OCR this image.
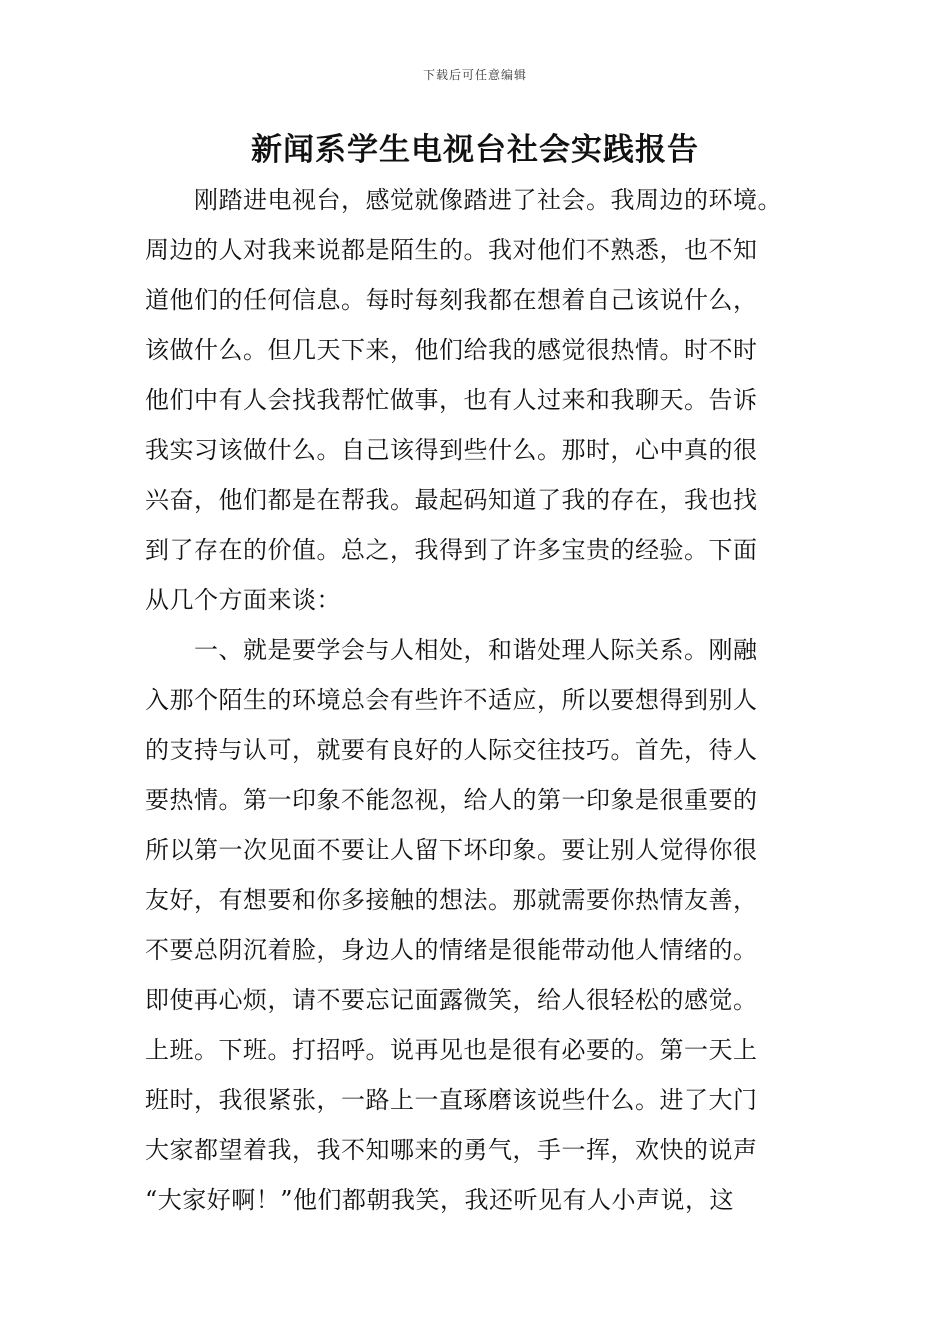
下载后可任意编辑
新闻系学生电视台社会实践报告
　　刚踏进电视台，感觉就像踏进了社会。我周边的环境。
周边的人对我来说都是陌生的。我对他们不熟悉，也不知
道他们的任何信息。每时每刻我都在想着自己该说什么，
该做什么。但几天下来，他们给我的感觉很热情。时不时
他们中有人会找我帮忙做事，也有人过来和我聊天。告诉
我实习该做什么。自己该得到些什么。那时，心中真的很
兴奋，他们都是在帮我。最起码知道了我的存在，我也找
到了存在的价值。总之，我得到了许多宝贵的经验。下面
从几个方面来谈：
　　一、就是要学会与人相处，和谐处理人际关系。刚融
入那个陌生的环境总会有些许不适应，所以要想得到别人
的支持与认可，就要有良好的人际交往技巧。首先，待人
要热情。第一印象不能忽视，给人的第一印象是很重要的
所以第一次见面不要让人留下坏印象。要让别人觉得你很
友好，有想要和你多接触的想法。那就需要你热情友善，
不要总阴沉着脸，身边人的情绪是很能带动他人情绪的。
即使再心烦，请不要忘记面露微笑，给人很轻松的感觉。
上班。下班。打招呼。说再见也是很有必要的。第一天上
班时，我很紧张，一路上一直琢磨该说些什么。进了大门
大家都望着我，我不知哪来的勇气，手一挥，欢快的说声
“大家好啊！”他们都朝我笑，我还听见有人小声说，这
